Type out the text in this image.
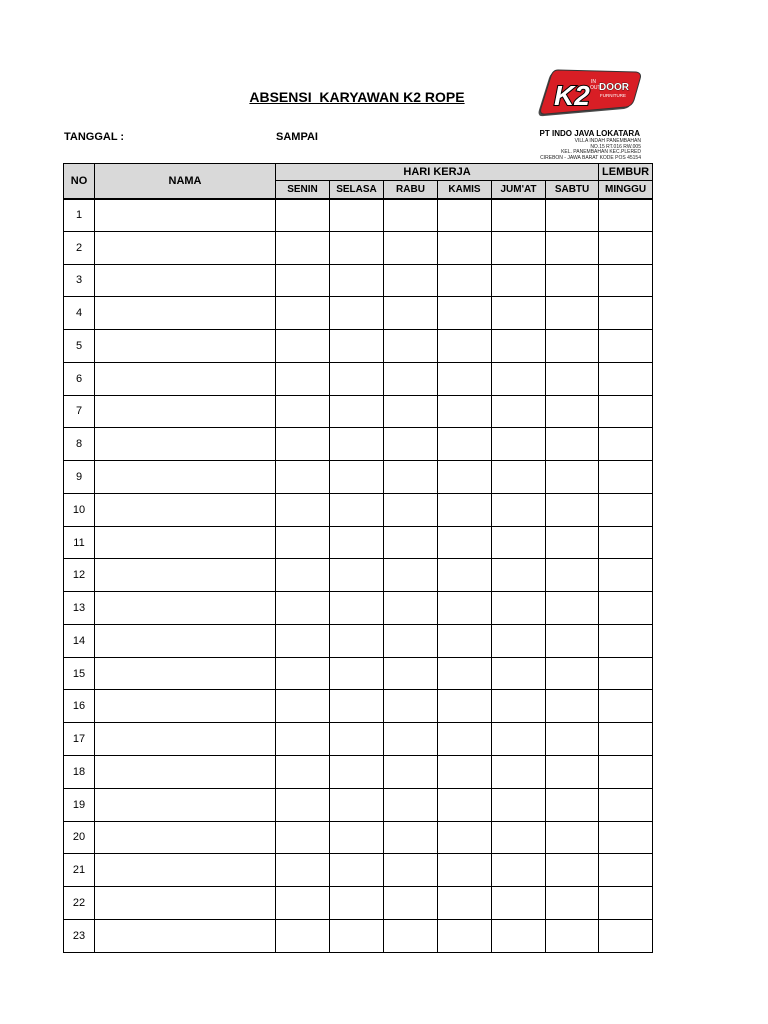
ABSENSI  KARYAWAN K2 ROPE	K2 IN
OUT
DOOR
FURNITURE
TANGGAL :	SAMPAI	PT INDO JAVA LOKATARA
VILLA INDAH PANEMBAHAN
NO.15 RT.016 RW.005
KEL. PANEMBAHAN KEC.PLERED
CIREBON - JAWA BARAT KODE POS 45154
NO	NAMA	HARI KERJA						LEMBUR
		SENIN	SELASA	RABU	KAMIS	JUM'AT	SABTU	MINGGU
1								
2								
3								
4								
5								
6								
7								
8								
9								
10								
11								
12								
13								
14								
15								
16								
17								
18								
19								
20								
21								
22								
23								
